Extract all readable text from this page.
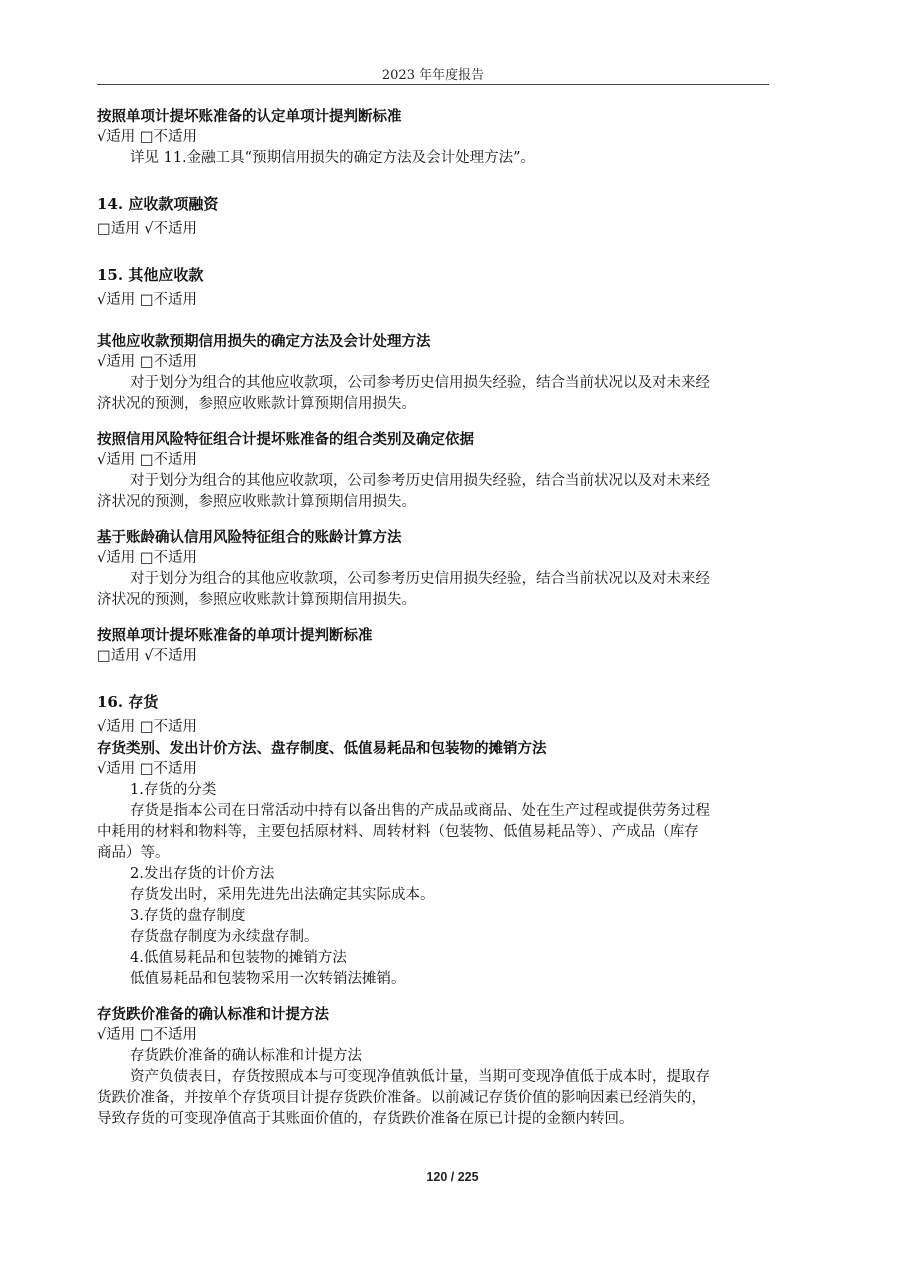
2023 年年度报告
按照单项计提坏账准备的认定单项计提判断标准
√适用 □不适用
详见 11.金融工具“预期信用损失的确定方法及会计处理方法”。
14. 应收款项融资
□适用 √不适用
15. 其他应收款
√适用 □不适用
其他应收款预期信用损失的确定方法及会计处理方法
√适用 □不适用
对于划分为组合的其他应收款项，公司参考历史信用损失经验，结合当前状况以及对未来经
济状况的预测，参照应收账款计算预期信用损失。
按照信用风险特征组合计提坏账准备的组合类别及确定依据
√适用 □不适用
对于划分为组合的其他应收款项，公司参考历史信用损失经验，结合当前状况以及对未来经
济状况的预测，参照应收账款计算预期信用损失。
基于账龄确认信用风险特征组合的账龄计算方法
√适用 □不适用
对于划分为组合的其他应收款项，公司参考历史信用损失经验，结合当前状况以及对未来经
济状况的预测，参照应收账款计算预期信用损失。
按照单项计提坏账准备的单项计提判断标准
□适用 √不适用
16. 存货
√适用 □不适用
存货类别、发出计价方法、盘存制度、低值易耗品和包装物的摊销方法
√适用 □不适用
1.存货的分类
存货是指本公司在日常活动中持有以备出售的产成品或商品、处在生产过程或提供劳务过程
中耗用的材料和物料等，主要包括原材料、周转材料（包装物、低值易耗品等）、产成品（库存
商品）等。
2.发出存货的计价方法
存货发出时，采用先进先出法确定其实际成本。
3.存货的盘存制度
存货盘存制度为永续盘存制。
4.低值易耗品和包装物的摊销方法
低值易耗品和包装物采用一次转销法摊销。
存货跌价准备的确认标准和计提方法
√适用 □不适用
存货跌价准备的确认标准和计提方法
资产负债表日，存货按照成本与可变现净值孰低计量，当期可变现净值低于成本时，提取存
货跌价准备，并按单个存货项目计提存货跌价准备。以前减记存货价值的影响因素已经消失的，
导致存货的可变现净值高于其账面价值的，存货跌价准备在原已计提的金额内转回。
120 / 225
